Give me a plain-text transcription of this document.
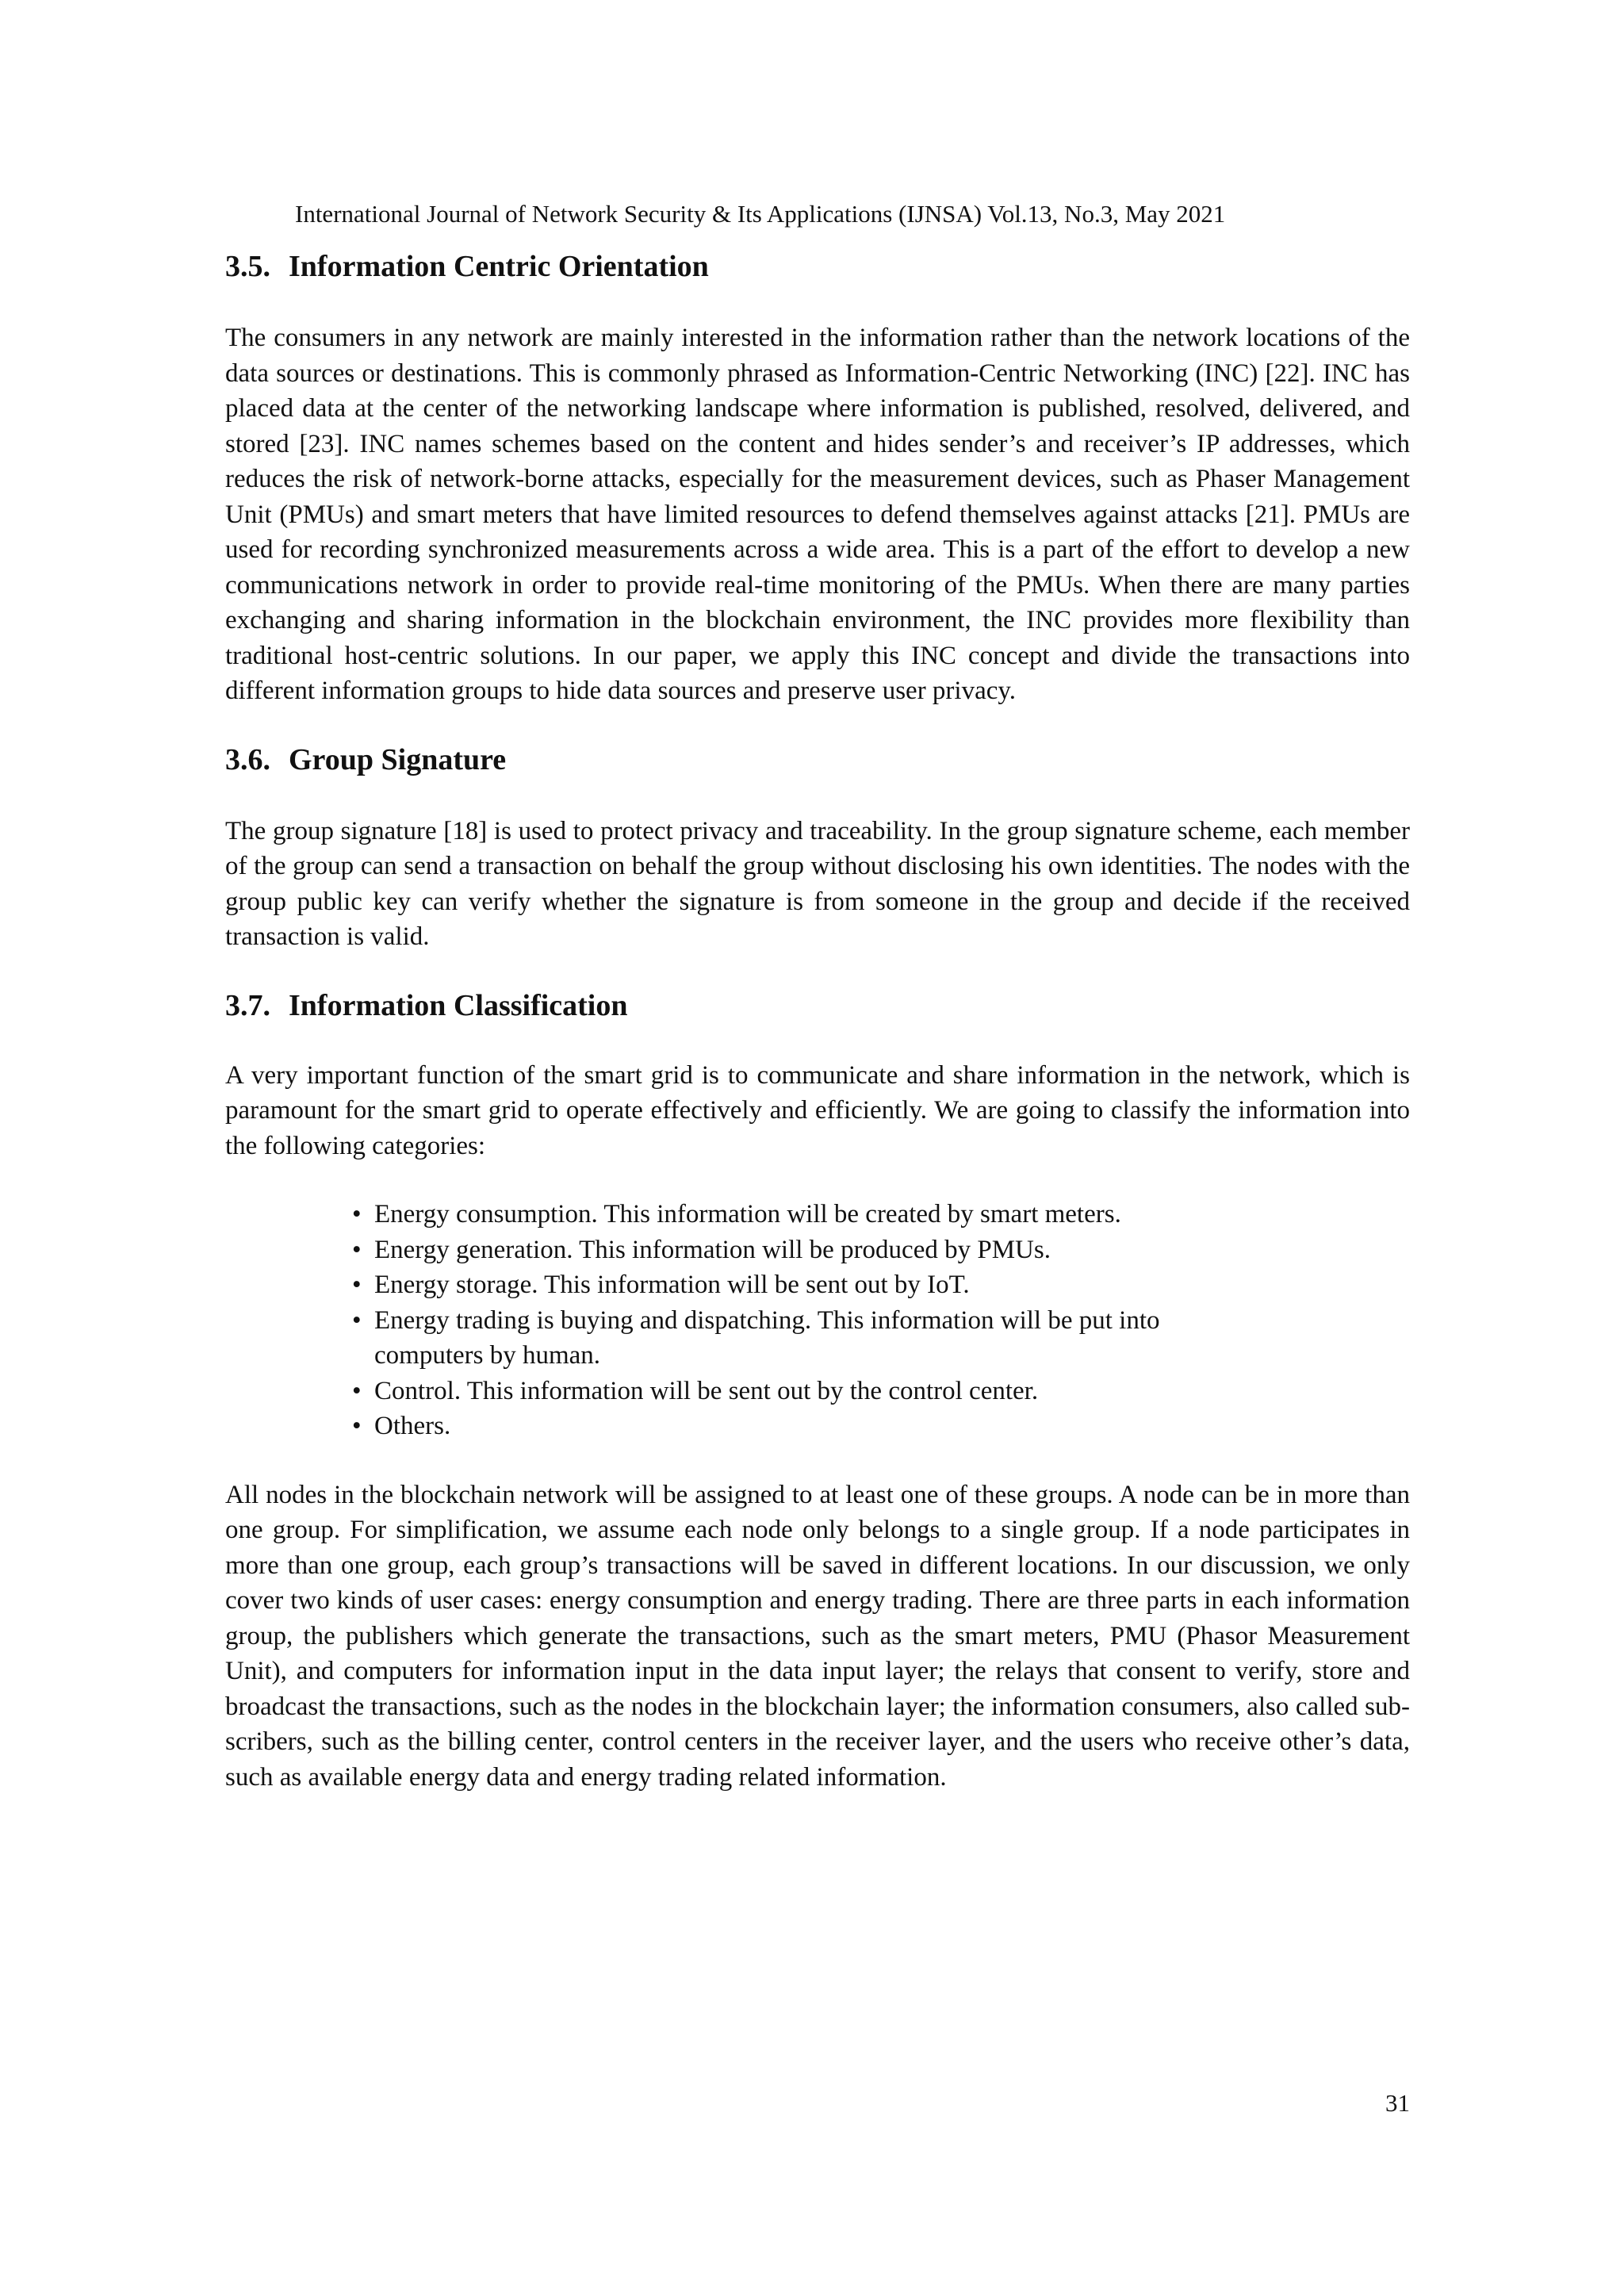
International Journal of Network Security & Its Applications (IJNSA) Vol.13, No.3, May 2021
3.5. Information Centric Orientation

The consumers in any network are mainly interested in the information rather than the network locations of the data sources or destinations. This is commonly phrased as Information-Centric Networking (INC) [22]. INC has placed data at the center of the networking landscape where information is published, resolved, delivered, and stored [23]. INC names schemes based on the content and hides sender’s and receiver’s IP addresses, which reduces the risk of network-borne attacks, especially for the measurement devices, such as Phaser Management Unit (PMUs) and smart meters that have limited resources to defend themselves against attacks [21]. PMUs are used for recording synchronized measurements across a wide area. This is a part of the effort to develop a new communications network in order to provide real-time monitoring of the PMUs. When there are many parties exchanging and sharing information in the blockchain environment, the INC provides more flexibility than traditional host-centric solutions. In our paper, we apply this INC concept and divide the transactions into different information groups to hide data sources and preserve user privacy.

3.6. Group Signature

The group signature [18] is used to protect privacy and traceability. In the group signature scheme, each member of the group can send a transaction on behalf the group without disclosing his own identities. The nodes with the group public key can verify whether the signature is from someone in the group and decide if the received transaction is valid.

3.7. Information Classification

A very important function of the smart grid is to communicate and share information in the network, which is paramount for the smart grid to operate effectively and efficiently. We are going to classify the information into the following categories:

• Energy consumption. This information will be created by smart meters.
• Energy generation. This information will be produced by PMUs.
• Energy storage. This information will be sent out by IoT.
• Energy trading is buying and dispatching. This information will be put into computers by human.
• Control. This information will be sent out by the control center.
• Others.

All nodes in the blockchain network will be assigned to at least one of these groups. A node can be in more than one group. For simplification, we assume each node only belongs to a single group. If a node participates in more than one group, each group’s transactions will be saved in different locations. In our discussion, we only cover two kinds of user cases: energy consumption and energy trading. There are three parts in each information group, the publishers which generate the transactions, such as the smart meters, PMU (Phasor Measurement Unit), and computers for information input in the data input layer; the relays that consent to verify, store and broadcast the transactions, such as the nodes in the blockchain layer; the information consumers, also called sub- scribers, such as the billing center, control centers in the receiver layer, and the users who receive other’s data, such as available energy data and energy trading related information.

31
